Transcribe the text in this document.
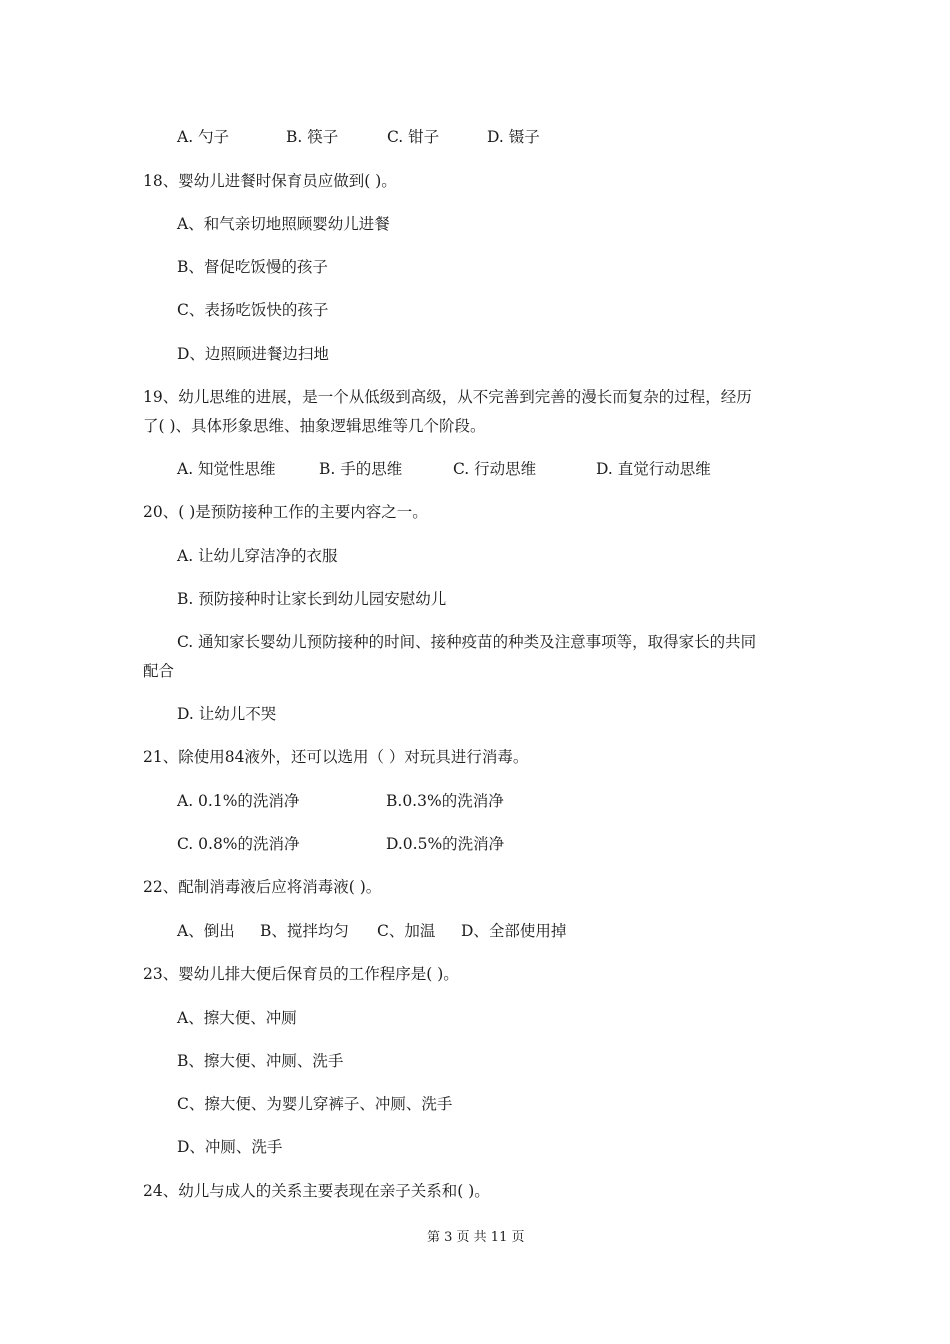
A. 勺子	B. 筷子	C. 钳子	D. 镊子
18、婴幼儿进餐时保育员应做到( )。
A、和气亲切地照顾婴幼儿进餐
B、督促吃饭慢的孩子
C、表扬吃饭快的孩子
D、边照顾进餐边扫地
19、幼儿思维的进展，是一个从低级到高级，从不完善到完善的漫长而复杂的过程，经历
了( )、具体形象思维、抽象逻辑思维等几个阶段。
A. 知觉性思维	B. 手的思维	C. 行动思维	D. 直觉行动思维
20、( )是预防接种工作的主要内容之一。
A. 让幼儿穿洁净的衣服
B. 预防接种时让家长到幼儿园安慰幼儿
C. 通知家长婴幼儿预防接种的时间、接种疫苗的种类及注意事项等，取得家长的共同
配合
D. 让幼儿不哭
21、除使用84液外，还可以选用（ ）对玩具进行消毒。
A. 0.1%的洗消净	B.0.3%的洗消净
C. 0.8%的洗消净	D.0.5%的洗消净
22、配制消毒液后应将消毒液( )。
A、倒出 B、搅拌均匀 C、加温 D、全部使用掉
23、婴幼儿排大便后保育员的工作程序是( )。
A、擦大便、冲厕
B、擦大便、冲厕、洗手
C、擦大便、为婴儿穿裤子、冲厕、洗手
D、冲厕、洗手
24、幼儿与成人的关系主要表现在亲子关系和( )。
第 3 页 共 11 页
